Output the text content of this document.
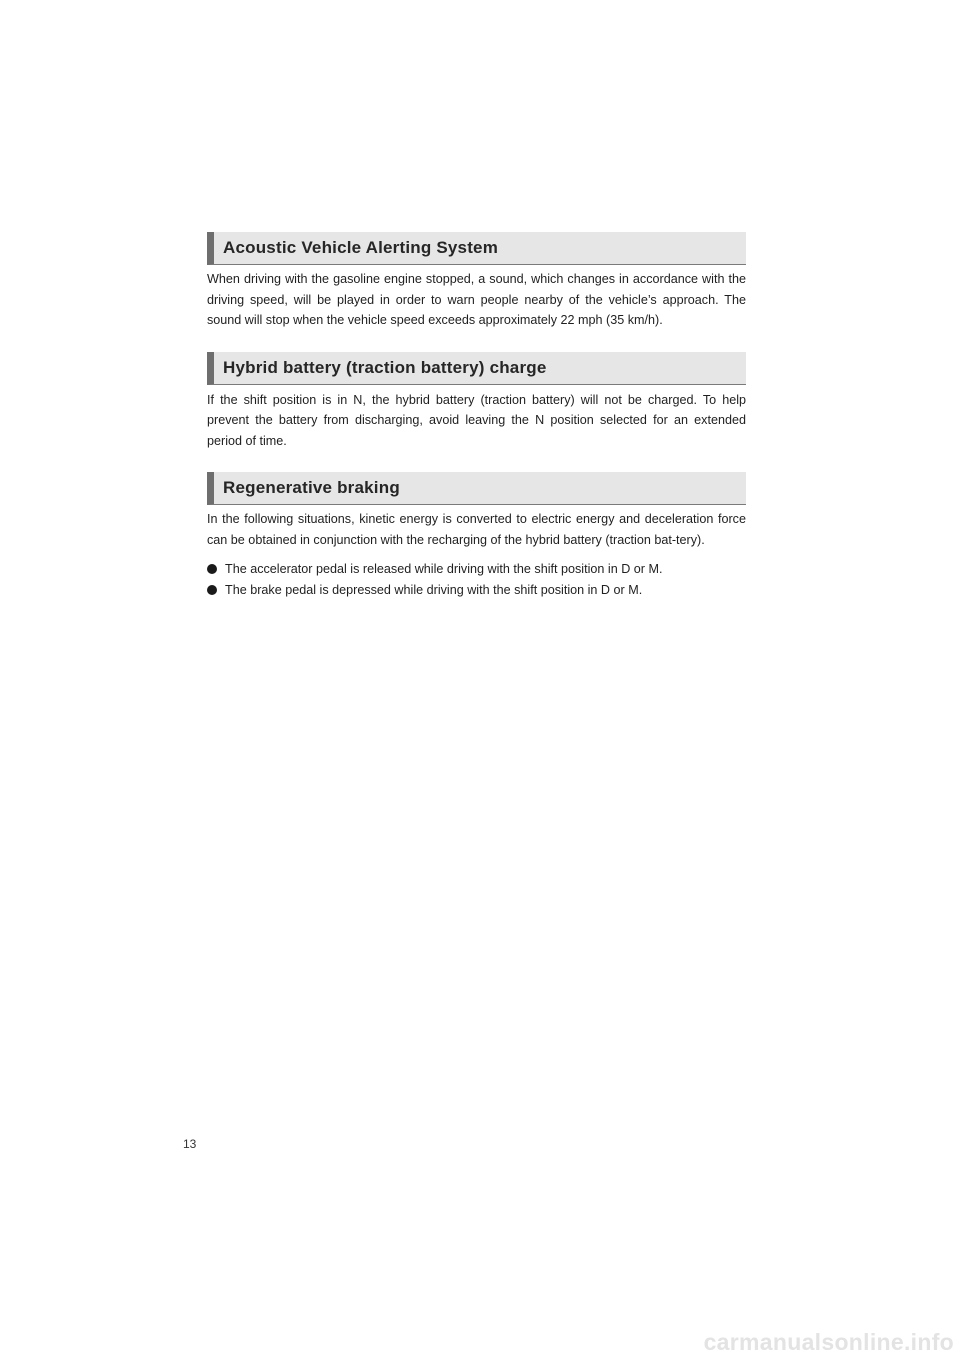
Acoustic Vehicle Alerting System

When driving with the gasoline engine stopped, a sound, which changes in accordance with the driving speed, will be played in order to warn people nearby of the vehicle’s approach. The sound will stop when the vehicle speed exceeds approximately 22 mph (35 km/h).

Hybrid battery (traction battery) charge

If the shift position is in N, the hybrid battery (traction battery) will not be charged. To help prevent the battery from discharging, avoid leaving the N position selected for an extended period of time.

Regenerative braking

In the following situations, kinetic energy is converted to electric energy and deceleration force can be obtained in conjunction with the recharging of the hybrid battery (traction bat-tery).

The accelerator pedal is released while driving with the shift position in D or M.
The brake pedal is depressed while driving with the shift position in D or M.
13
carmanualsonline.info
